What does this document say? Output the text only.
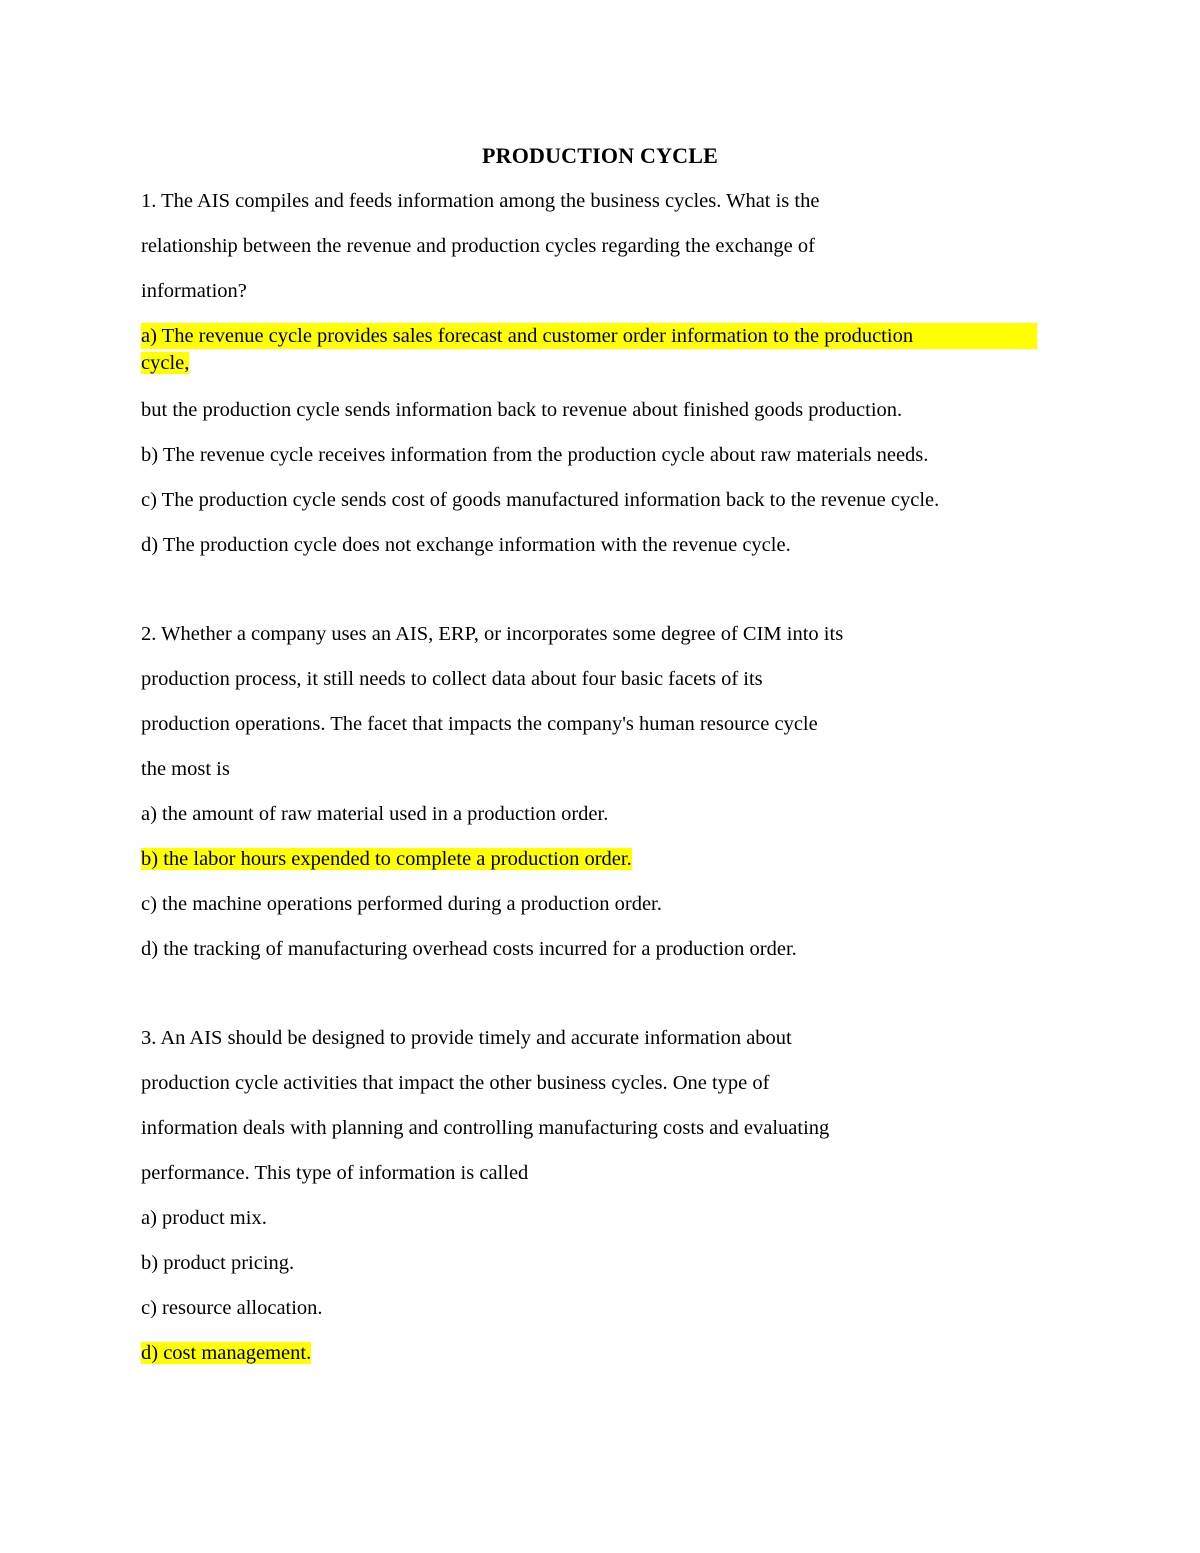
PRODUCTION CYCLE
1. The AIS compiles and feeds information among the business cycles. What is the
relationship between the revenue and production cycles regarding the exchange of
information?
a) The revenue cycle provides sales forecast and customer order information to the production
cycle,
but the production cycle sends information back to revenue about finished goods production.
b) The revenue cycle receives information from the production cycle about raw materials needs.
c) The production cycle sends cost of goods manufactured information back to the revenue cycle.
d) The production cycle does not exchange information with the revenue cycle.
2. Whether a company uses an AIS, ERP, or incorporates some degree of CIM into its
production process, it still needs to collect data about four basic facets of its
production operations. The facet that impacts the company's human resource cycle
the most is
a) the amount of raw material used in a production order.
b) the labor hours expended to complete a production order.
c) the machine operations performed during a production order.
d) the tracking of manufacturing overhead costs incurred for a production order.
3. An AIS should be designed to provide timely and accurate information about
production cycle activities that impact the other business cycles. One type of
information deals with planning and controlling manufacturing costs and evaluating
performance. This type of information is called
a) product mix.
b) product pricing.
c) resource allocation.
d) cost management.
